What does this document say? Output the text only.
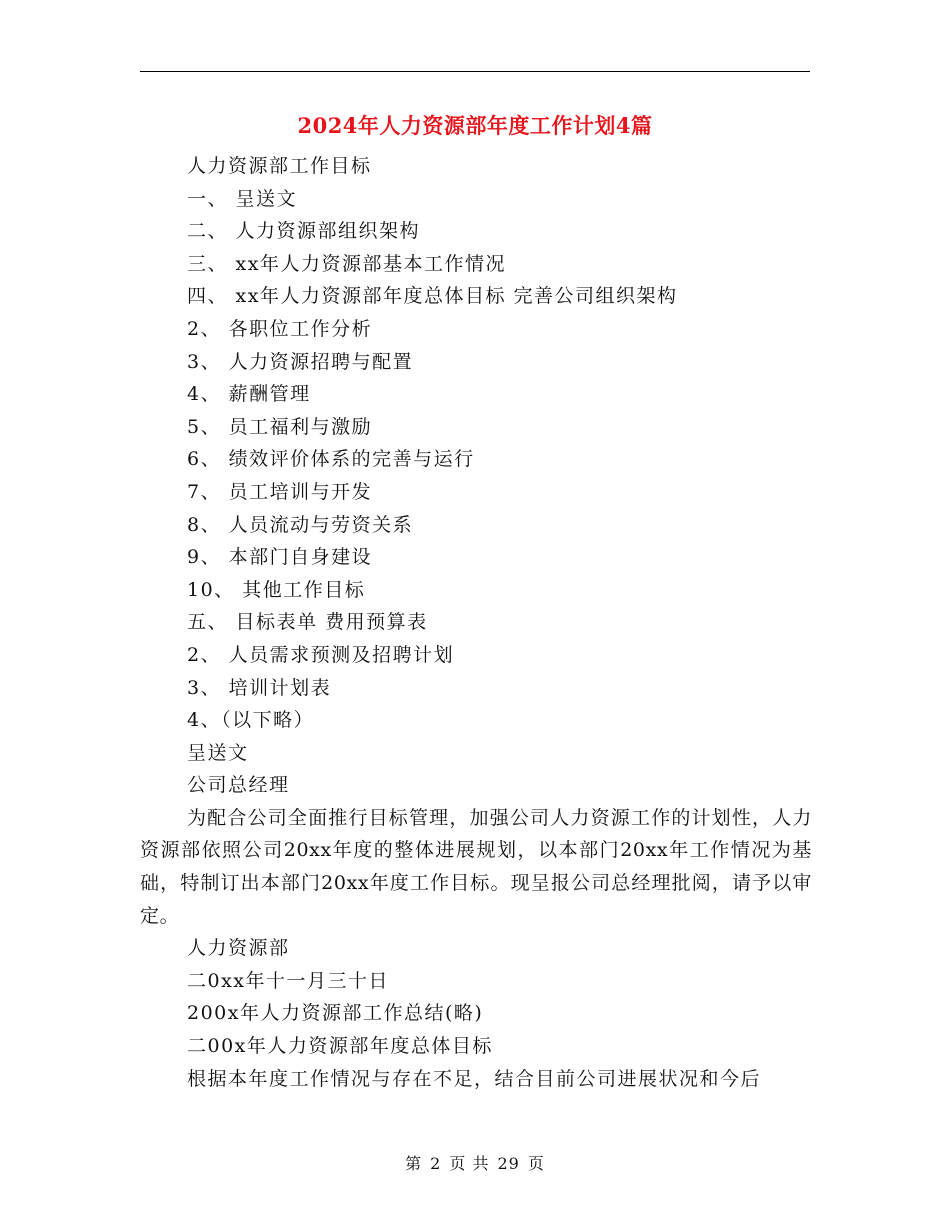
2024年人力资源部年度工作计划4篇
人力资源部工作目标
一、 呈送文
二、 人力资源部组织架构
三、 xx年人力资源部基本工作情况
四、 xx年人力资源部年度总体目标 完善公司组织架构
2、 各职位工作分析
3、 人力资源招聘与配置
4、 薪酬管理
5、 员工福利与激励
6、 绩效评价体系的完善与运行
7、 员工培训与开发
8、 人员流动与劳资关系
9、 本部门自身建设
10、 其他工作目标
五、 目标表单 费用预算表
2、 人员需求预测及招聘计划
3、 培训计划表
4、（以下略）
呈送文
公司总经理

为配合公司全面推行目标管理，加强公司人力资源工作的计划性，人力资源部依照公司20xx年度的整体进展规划，以本部门20xx年工作情况为基础，特制订出本部门20xx年度工作目标。现呈报公司总经理批阅，请予以审定。

人力资源部
二0xx年十一月三十日
200x年人力资源部工作总结(略)
二00x年人力资源部年度总体目标
根据本年度工作情况与存在不足，结合目前公司进展状况和今后
第 2 页 共 29 页
